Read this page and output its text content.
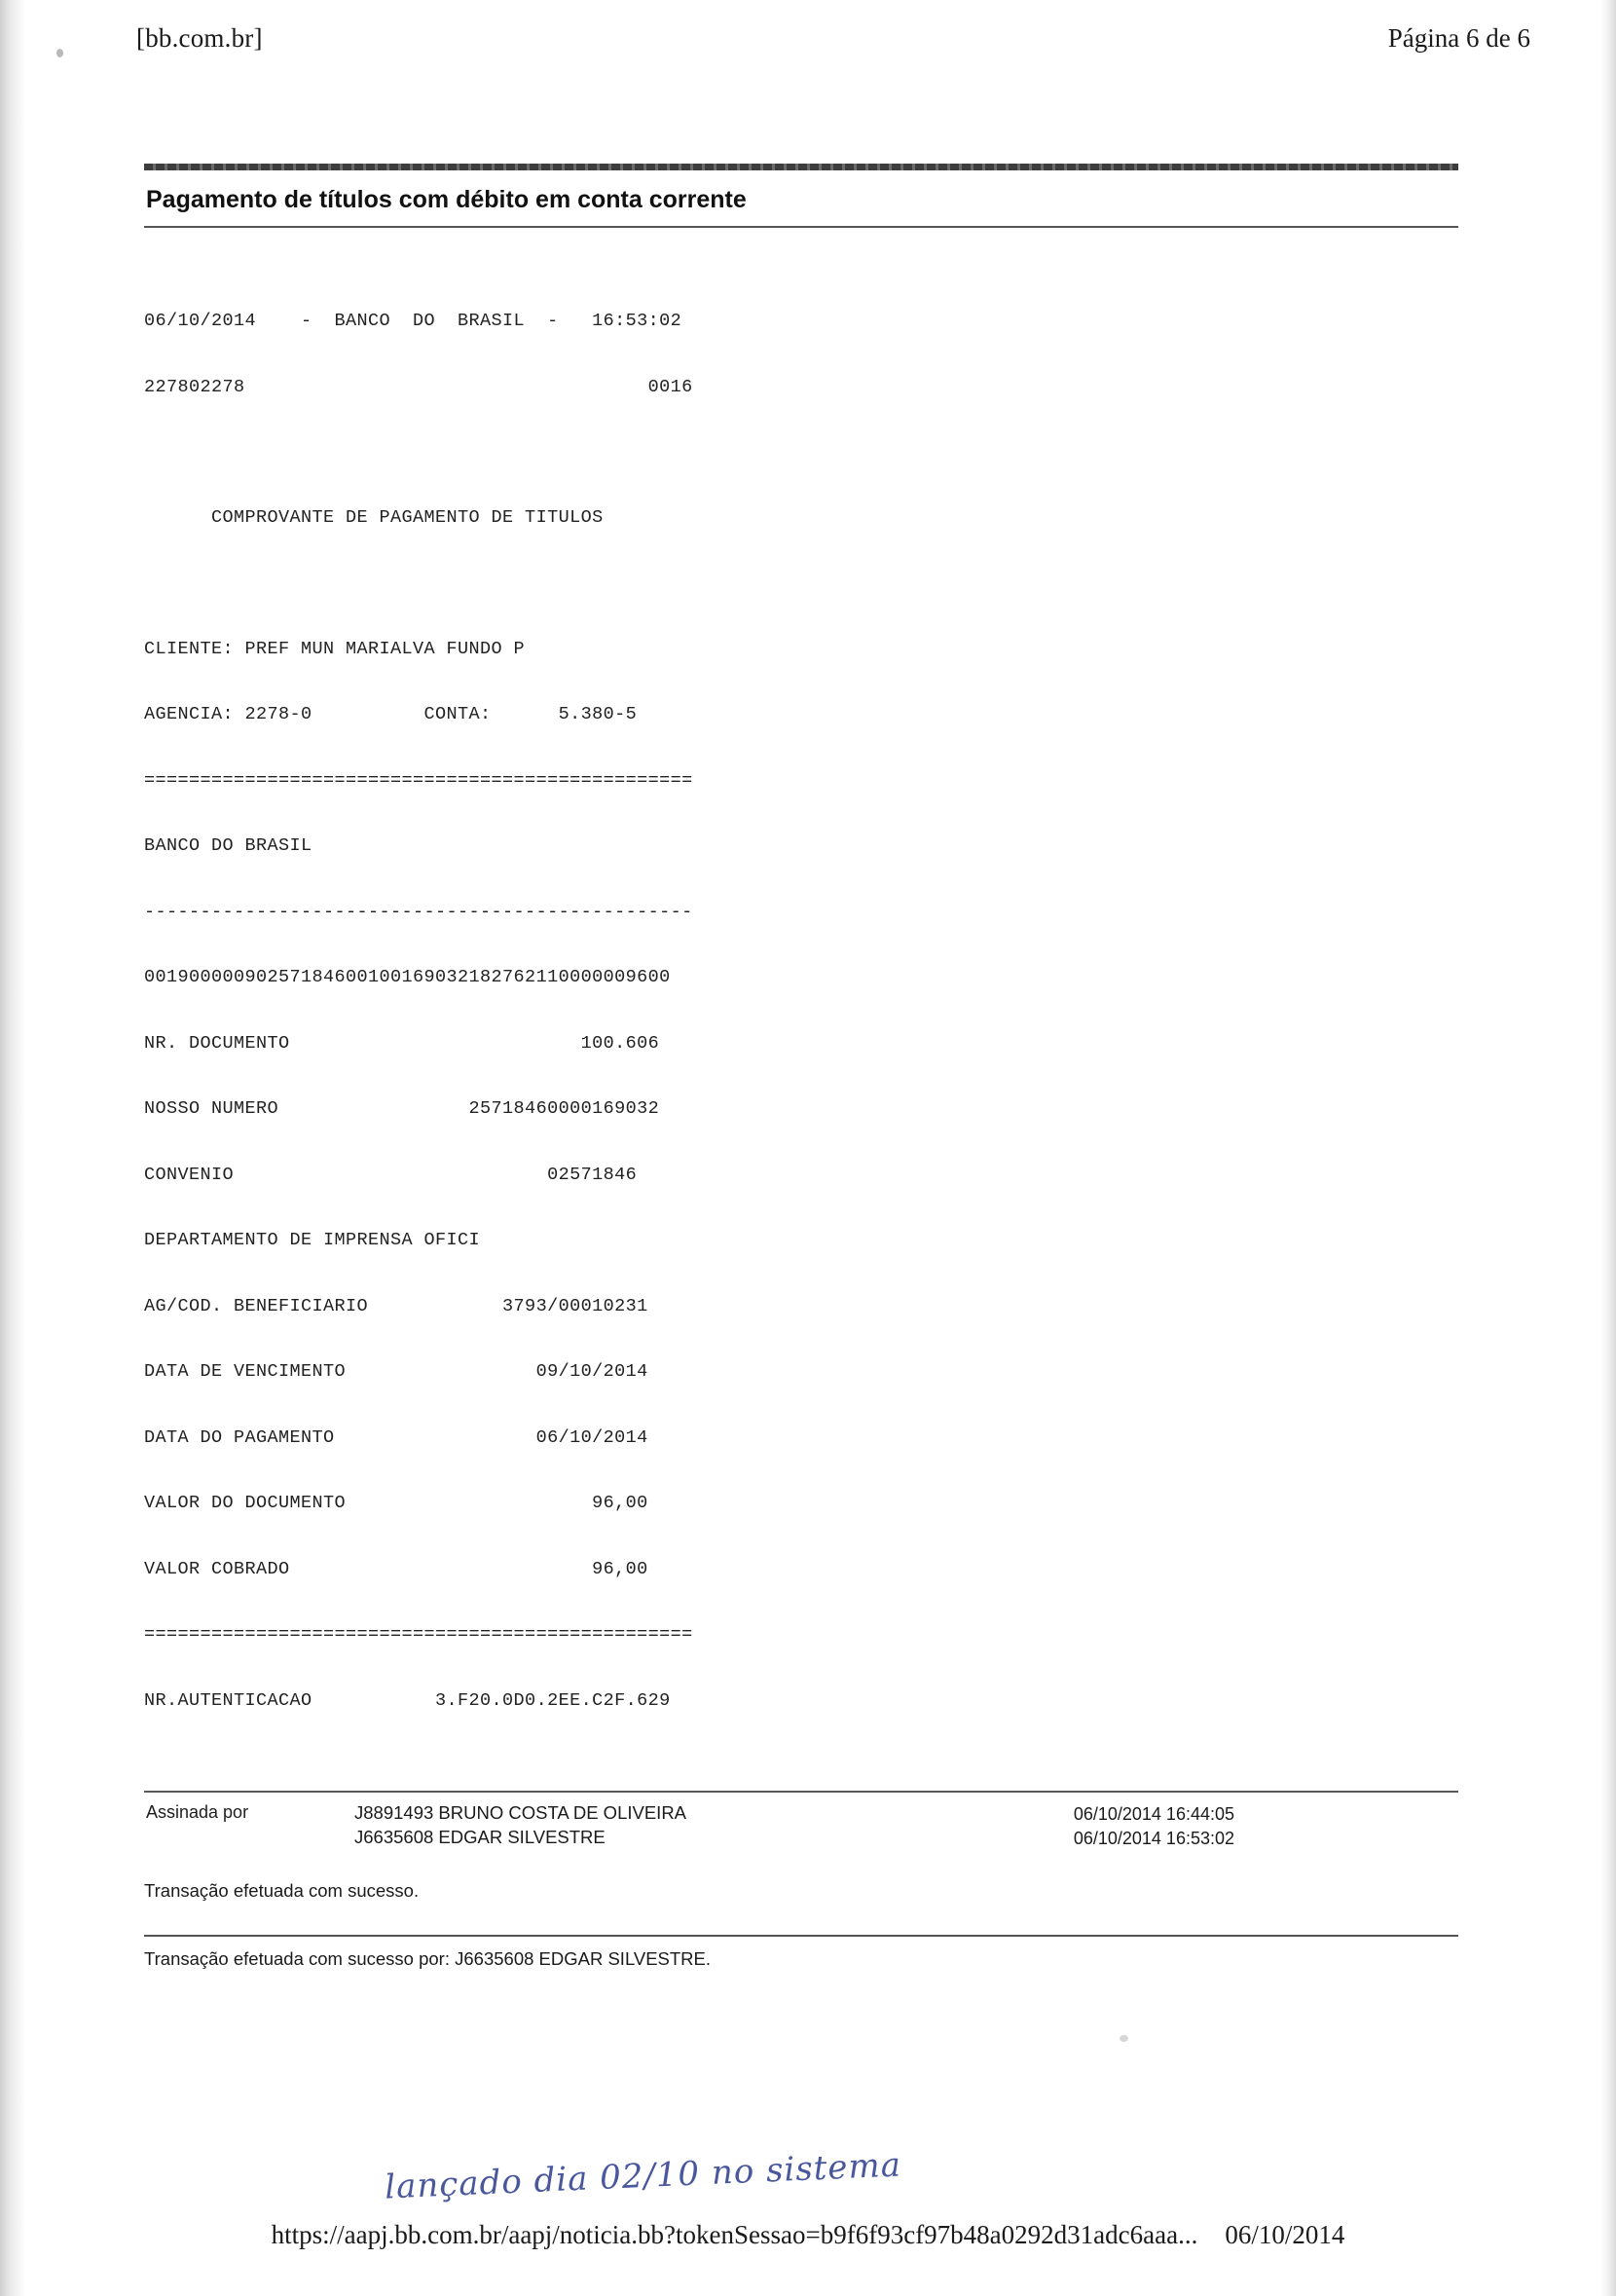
[bb.com.br]	Página 6 de 6
Pagamento de títulos com débito em conta corrente

06/10/2014    -  BANCO  DO  BRASIL  -   16:53:02

227802278                                    0016

COMPROVANTE DE PAGAMENTO DE TITULOS

CLIENTE: PREF MUN MARIALVA FUNDO P

AGENCIA: 2278-0          CONTA:      5.380-5

=================================================

BANCO DO BRASIL

-------------------------------------------------

00190000090257184600100169032182762110000009600

NR. DOCUMENTO                          100.606

NOSSO NUMERO                 25718460000169032

CONVENIO                            02571846

DEPARTAMENTO DE IMPRENSA OFICI

AG/COD. BENEFICIARIO            3793/00010231

DATA DE VENCIMENTO                 09/10/2014

DATA DO PAGAMENTO                  06/10/2014

VALOR DO DOCUMENTO                      96,00

VALOR COBRADO                           96,00

=================================================

NR.AUTENTICACAO           3.F20.0D0.2EE.C2F.629

Assinada por	J8891493 BRUNO COSTA DE OLIVEIRA
J6635608 EDGAR SILVESTRE
06/10/2014 16:44:05
06/10/2014 16:53:02
Transação efetuada com sucesso.
Transação efetuada com sucesso por: J6635608 EDGAR SILVESTRE.
lançado dia 02/10 no sistema
https://aapj.bb.com.br/aapj/noticia.bb?tokenSessao=b9f6f93cf97b48a0292d31adc6aaa... 06/10/2014
